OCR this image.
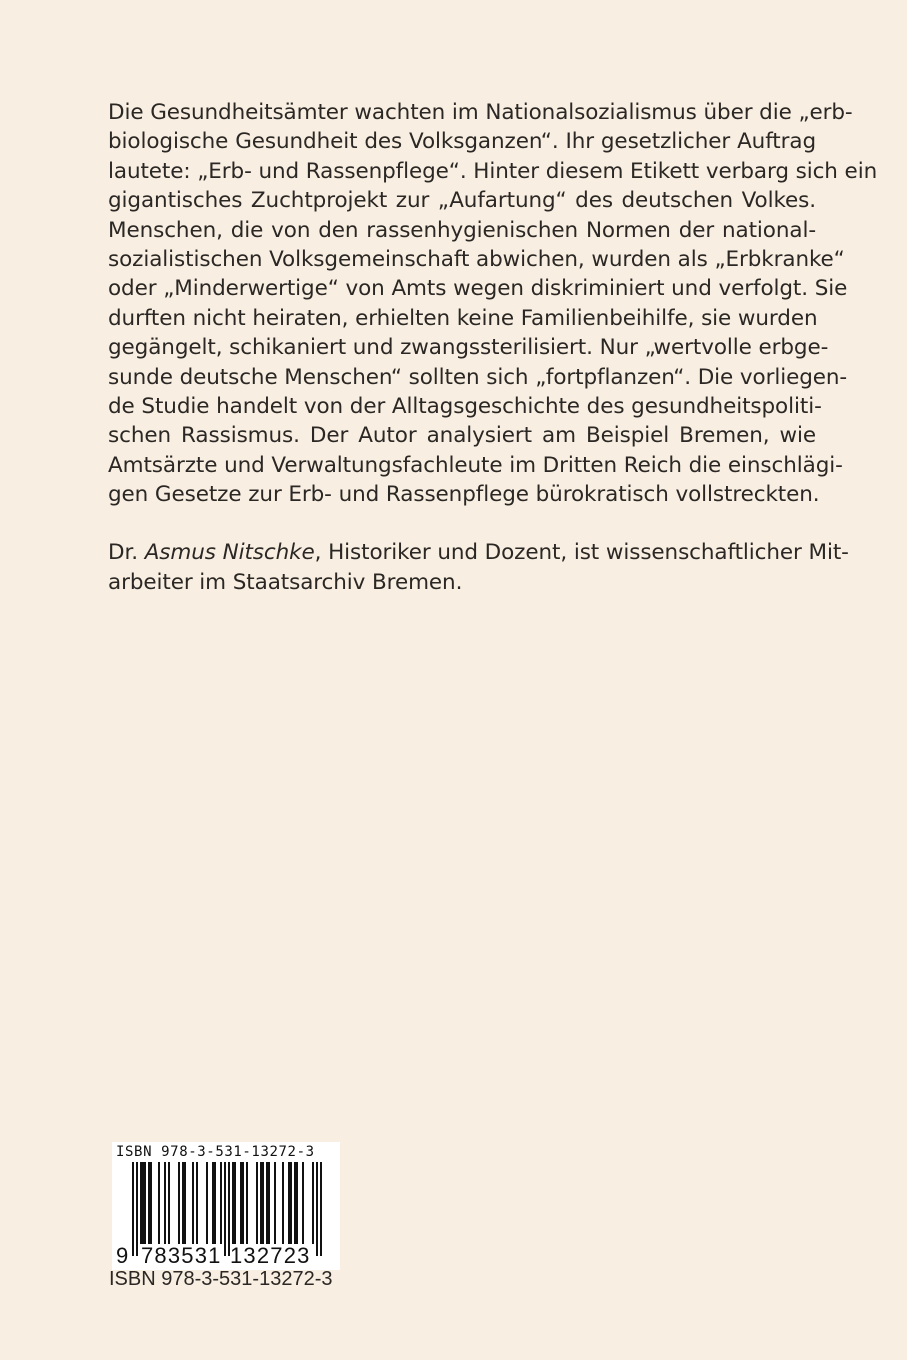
Die Gesundheitsämter wachten im Nationalsozialismus über die „erb-
biologische Gesundheit des Volksganzen“. Ihr gesetzlicher Auftrag
lautete: „Erb- und Rassenpflege“. Hinter diesem Etikett verbarg sich ein
gigantisches Zuchtprojekt zur „Aufartung“ des deutschen Volkes.
Menschen, die von den rassenhygienischen Normen der national-
sozialistischen Volksgemeinschaft abwichen, wurden als „Erbkranke“
oder „Minderwertige“ von Amts wegen diskriminiert und verfolgt. Sie
durften nicht heiraten, erhielten keine Familienbeihilfe, sie wurden
gegängelt, schikaniert und zwangssterilisiert. Nur „wertvolle erbge-
sunde deutsche Menschen“ sollten sich „fortpflanzen“. Die vorliegen-
de Studie handelt von der Alltagsgeschichte des gesundheitspoliti-
schen Rassismus. Der Autor analysiert am Beispiel Bremen, wie
Amtsärzte und Verwaltungsfachleute im Dritten Reich die einschlägi-
gen Gesetze zur Erb- und Rassenpflege bürokratisch vollstreckten.
Dr. Asmus Nitschke, Historiker und Dozent, ist wissenschaftlicher Mit-
arbeiter im Staatsarchiv Bremen.
ISBN 978-3-531-13272-3
9 783531 132723
ISBN 978-3-531-13272-3
